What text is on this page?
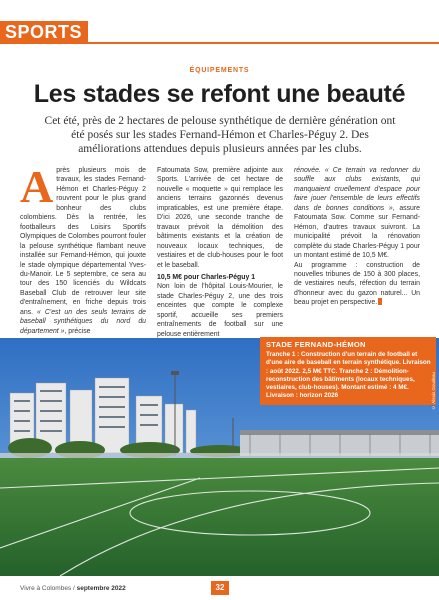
SPORTS
ÉQUIPEMENTS
Les stades se refont une beauté

Cet été, près de 2 hectares de pelouse synthétique de dernière génération ont été posés sur les stades Fernand-Hémon et Charles-Péguy 2. Des améliorations attendues depuis plusieurs années par les clubs.

Après plusieurs mois de travaux, les stades Fernand-Hémon et Charles-Péguy 2 rouvrent pour le plus grand bonheur des clubs colombiens. Dès la rentrée, les footballeurs des Loisirs Sportifs Olympiques de Colombes pourront fouler la pelouse synthétique flambant neuve installée sur Fernand-Hémon, qui jouxte le stade olympique départemental Yves-du-Manoir. Le 5 septembre, ce sera au tour des 150 licenciés du Wildcats Baseball Club de retrouver leur site d'entraînement, en friche depuis trois ans. « C'est un des seuls terrains de baseball synthétiques du nord du département », précise

Fatoumata Sow, première adjointe aux Sports. L'arrivée de cet hectare de nouvelle « moquette » qui remplace les anciens terrains gazonnés devenus impraticables, est une première étape. D'ici 2026, une seconde tranche de travaux prévoit la démolition des bâtiments existants et la création de nouveaux locaux techniques, de vestiaires et de club-houses pour le foot et le baseball.

10,5 M€ pour Charles-Péguy 1

Non loin de l'hôpital Louis-Mourier, le stade Charles-Péguy 2, une des trois enceintes que compte le complexe sportif, accueille ses premiers entraînements de football sur une pelouse entièrement

rénovée. « Ce terrain va redonner du souffle aux clubs existants, qui manquaient cruellement d'espace pour faire jouer l'ensemble de leurs effectifs dans de bonnes conditions », assure Fatoumata Sow. Comme sur Fernand-Hémon, d'autres travaux suivront. La municipalité prévoit la rénovation complète du stade Charles-Péguy 1 pour un montant estimé de 10,5 M€.

Au programme : construction de nouvelles tribunes de 150 à 300 places, de vestiaires neufs, réfection du terrain d'honneur avec du gazon naturel... Un beau projet en perspective.

STADE FERNAND-HÉMON
Tranche 1 : Construction d'un terrain de football et d'une aire de baseball en terrain synthétique. Livraison : août 2022. 2,5 M€ TTC. Tranche 2 : Démolition-reconstruction des bâtiments (locaux techniques, vestiaires, club-houses). Montant estimé : 4 M€. Livraison : horizon 2026	© Alexis Goudeau
Vivre à Colombes / septembre 2022	32
